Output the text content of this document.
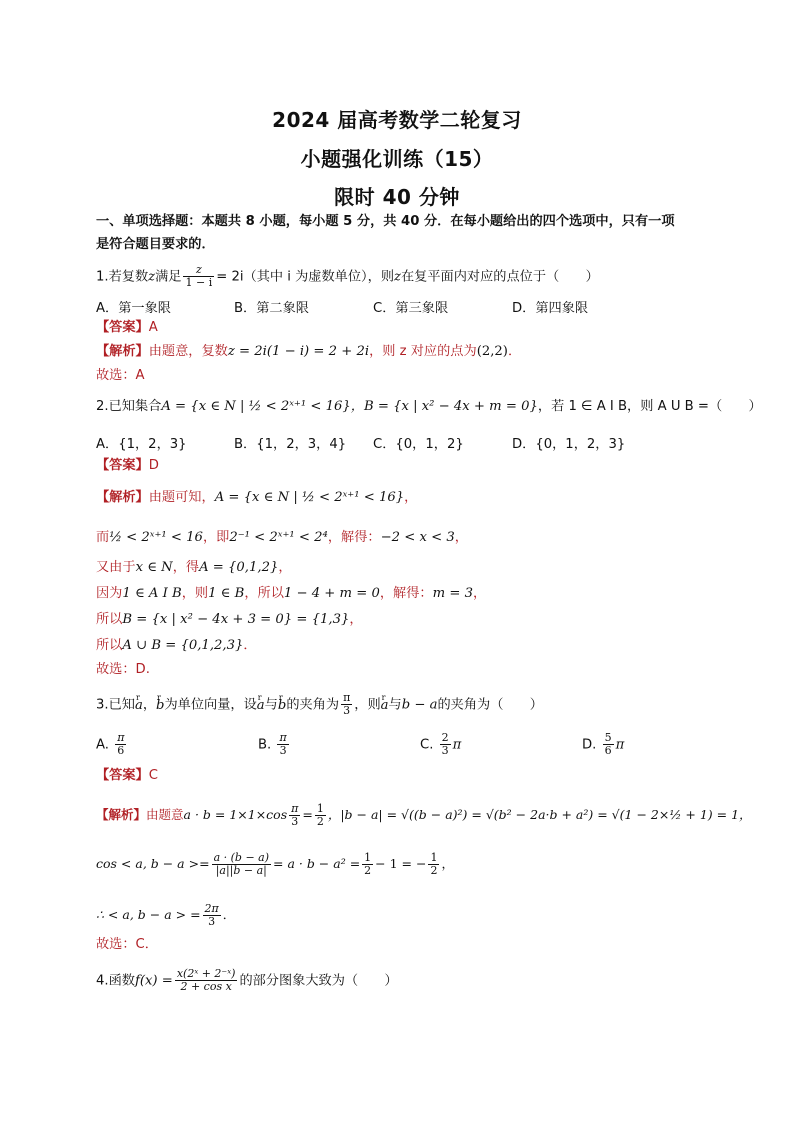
2024 届高考数学二轮复习
小题强化训练（15）
限时 40 分钟
一、单项选择题：本题共 8 小题，每小题 5 分，共 40 分．在每小题给出的四个选项中，只有一项
是符合题目要求的．
1.若复数z满足 $\frac{z}{1 - i} = 2i$（其中 i 为虚数单位），则z在复平面内对应的点位于（　　）
A．第一象限	B．第二象限	C．第三象限	D．第四象限
【答案】A
【解析】由题意，复数z = 2i(1 − i) = 2 + 2i，则 z 对应的点为(2,2)．
故选：A
2.已知集合A = {x ∈ N | ½ < 2ˣ⁺¹ < 16}，B = {x | x² − 4x + m = 0}，若 1 ∈ A I B，则 A U B =（　　）
A．{1，2，3}	B．{1，2，3，4} C．{0，1，2}	D．{0，1，2，3}
【答案】D
【解析】由题可知，A = {x ∈ N | ½ < 2ˣ⁺¹ < 16}，
而½ < 2ˣ⁺¹ < 16，即2⁻¹ < 2ˣ⁺¹ < 2⁴，解得：−2 < x < 3，
又由于x ∈ N，得A = {0,1,2}，
因为1 ∈ A I B，则1 ∈ B，所以1 − 4 + m = 0，解得：m = 3，
所以B = {x | x² − 4x + 3 = 0} = {1,3}，
所以A ∪ B = {0,1,2,3}．
故选：D.
3.已知r a，r b为单位向量，设r a与r b的夹角为 $\frac{\pi}{3}$ ，则r a与b − a的夹角为（　　）
A. $\frac{\pi}{6}$	B. $\frac{\pi}{3}$	C. $\frac{2}{3}$ π	D. $\frac{5}{6}$ π
【答案】C
【解析】由题意$a \cdot b = 1\times 1\times\cos \frac{\pi}{3} = \frac{1}{2}$ ，|b − a| = √((b − a)²) = √(b² − 2a·b + a²) = √(1 − 2×½ + 1) = 1，
cos < a, $b - a >= \frac{a \cdot (b - a)}{|a||b - a|} = a \cdot b - a^2 = \frac{1}{2} - 1$ = − $\frac{1}{2}$ ，
∴ < a, b − a > = $\frac{2\pi}{3}$ ．
故选：C．
4.函数$f(x) = \frac{\text{x(2ˣ + 2⁻ˣ)}}{\text{2 + cos x}}$ 的部分图象大致为（　　）
